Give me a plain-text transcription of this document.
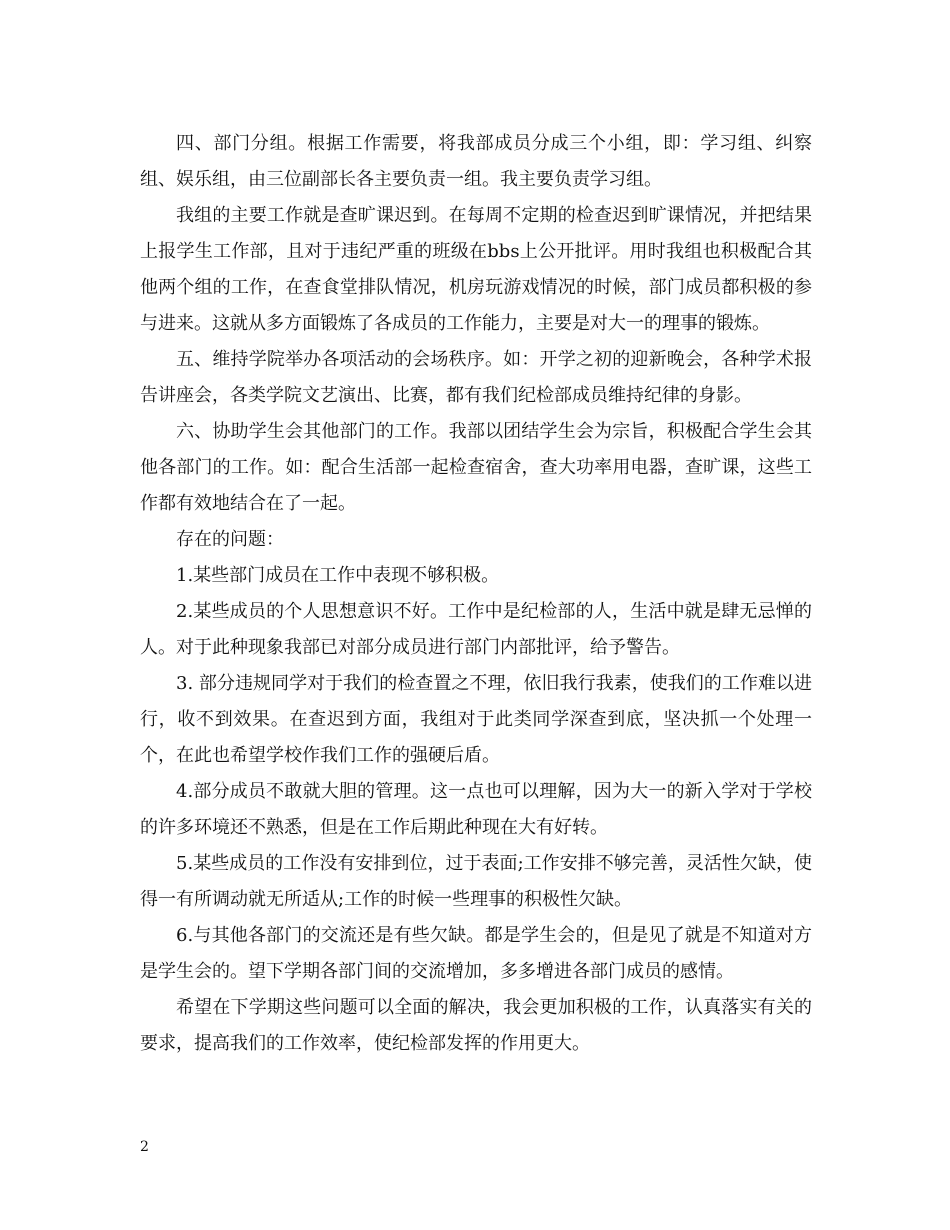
四、部门分组。根据工作需要，将我部成员分成三个小组，即：学习组、纠察组、娱乐组，由三位副部长各主要负责一组。我主要负责学习组。

我组的主要工作就是查旷课迟到。在每周不定期的检查迟到旷课情况，并把结果上报学生工作部，且对于违纪严重的班级在bbs上公开批评。用时我组也积极配合其他两个组的工作，在查食堂排队情况，机房玩游戏情况的时候，部门成员都积极的参与进来。这就从多方面锻炼了各成员的工作能力，主要是对大一的理事的锻炼。

五、维持学院举办各项活动的会场秩序。如：开学之初的迎新晚会，各种学术报告讲座会，各类学院文艺演出、比赛，都有我们纪检部成员维持纪律的身影。

六、协助学生会其他部门的工作。我部以团结学生会为宗旨，积极配合学生会其他各部门的工作。如：配合生活部一起检查宿舍，查大功率用电器，查旷课，这些工作都有效地结合在了一起。

存在的问题：

1.某些部门成员在工作中表现不够积极。

2.某些成员的个人思想意识不好。工作中是纪检部的人，生活中就是肆无忌惮的人。对于此种现象我部已对部分成员进行部门内部批评，给予警告。

3. 部分违规同学对于我们的检查置之不理，依旧我行我素，使我们的工作难以进行，收不到效果。在查迟到方面，我组对于此类同学深查到底，坚决抓一个处理一个，在此也希望学校作我们工作的强硬后盾。

4.部分成员不敢就大胆的管理。这一点也可以理解，因为大一的新入学对于学校的许多环境还不熟悉，但是在工作后期此种现在大有好转。

5.某些成员的工作没有安排到位，过于表面;工作安排不够完善，灵活性欠缺，使得一有所调动就无所适从;工作的时候一些理事的积极性欠缺。

6.与其他各部门的交流还是有些欠缺。都是学生会的，但是见了就是不知道对方是学生会的。望下学期各部门间的交流增加，多多增进各部门成员的感情。

希望在下学期这些问题可以全面的解决，我会更加积极的工作，认真落实有关的要求，提高我们的工作效率，使纪检部发挥的作用更大。

2
